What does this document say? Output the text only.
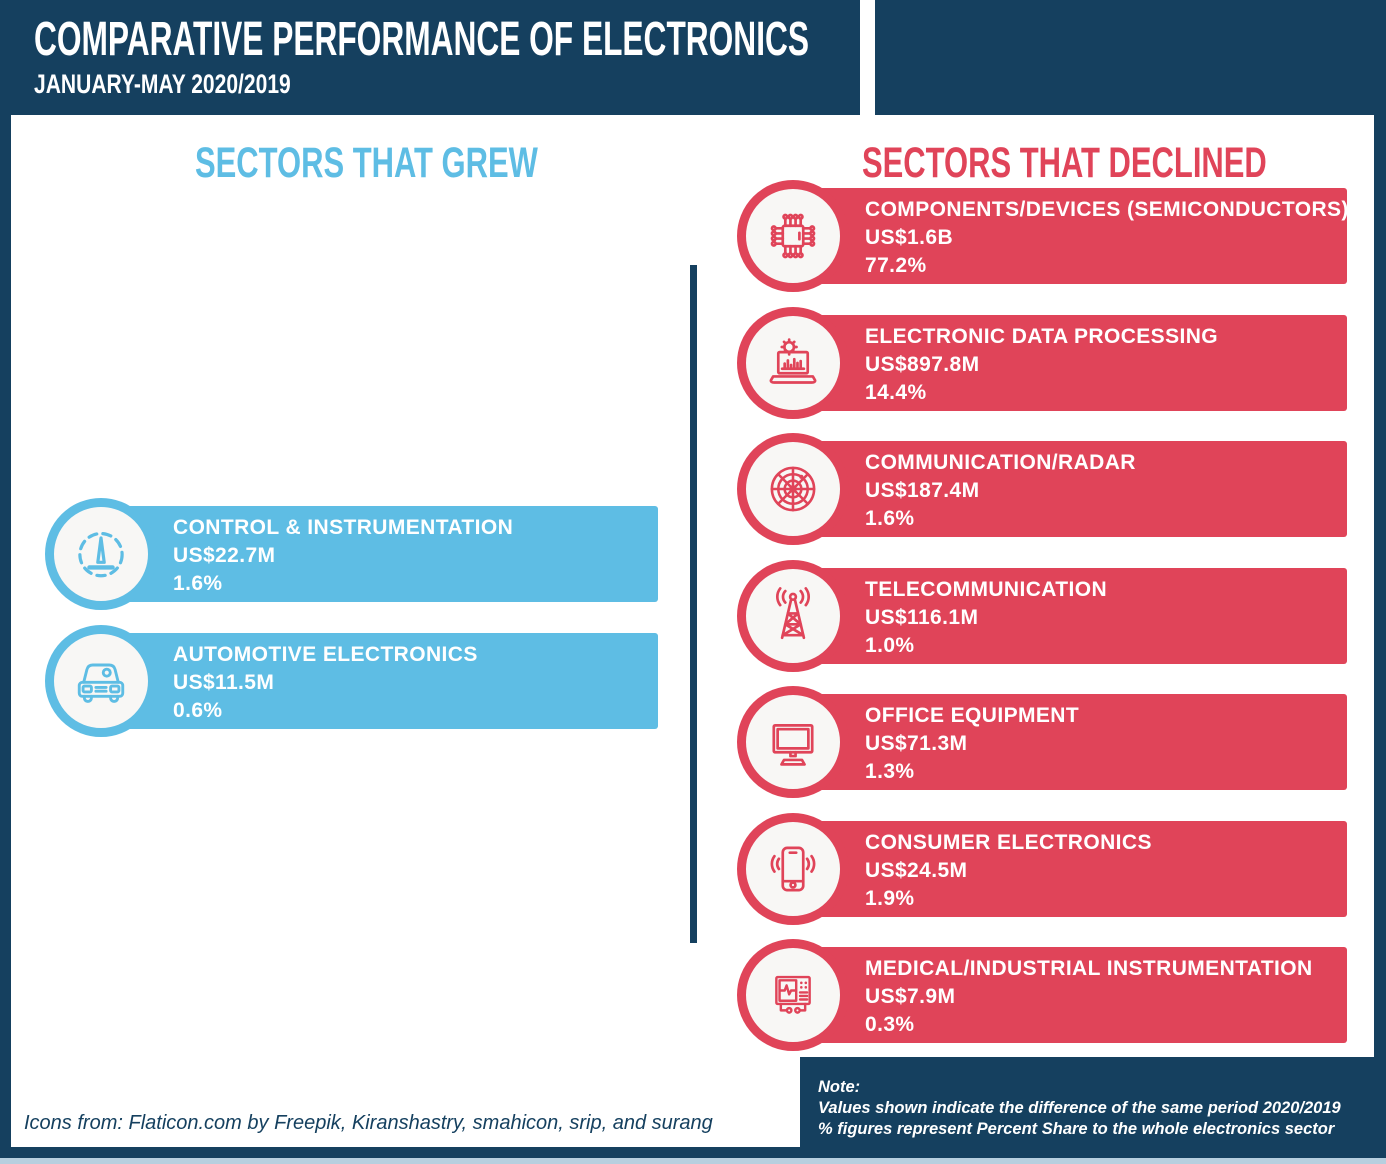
COMPARATIVE PERFORMANCE OF ELECTRONICS
JANUARY-MAY 2020/2019
SECTORS THAT GREW	SECTORS THAT DECLINED
CONTROL & INSTRUMENTATION
US$22.7M
1.6%
AUTOMOTIVE ELECTRONICS
US$11.5M
0.6%
COMPONENTS/DEVICES (SEMICONDUCTORS)
US$1.6B
77.2%
ELECTRONIC DATA PROCESSING
US$897.8M
14.4%
COMMUNICATION/RADAR
US$187.4M
1.6%
TELECOMMUNICATION
US$116.1M
1.0%
OFFICE EQUIPMENT
US$71.3M
1.3%
CONSUMER ELECTRONICS
US$24.5M
1.9%
MEDICAL/INDUSTRIAL INSTRUMENTATION
US$7.9M
0.3%
Note:
Values shown indicate the difference of the same period 2020/2019
% figures represent Percent Share to the whole electronics sector
Icons from: Flaticon.com by Freepik, Kiranshastry, smahicon, srip, and surang
